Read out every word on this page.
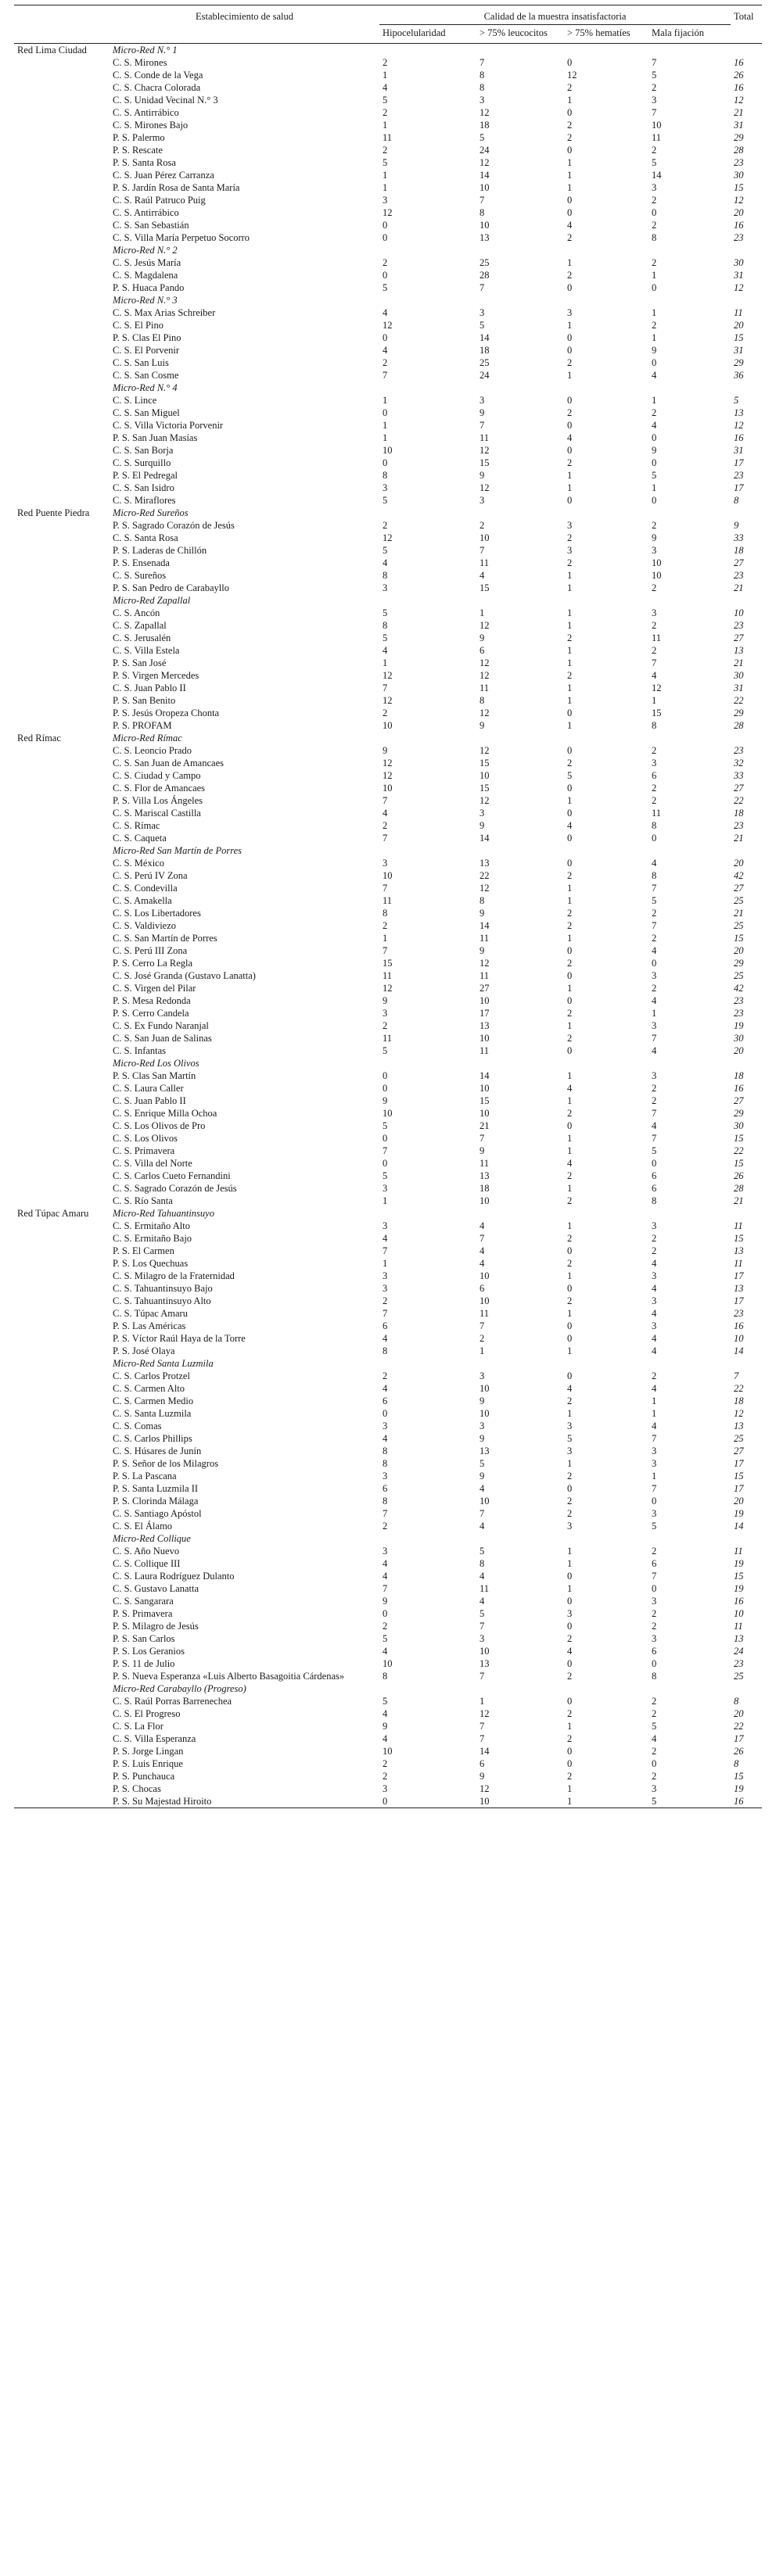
	Establecimiento de salud	Calidad de la muestra insatisfactoria				Total
		Hipocelularidad	> 75% leucocitos	> 75% hematíes	Mala fijación	
Red Lima Ciudad	Micro-Red N.° 1					
	C. S. Mirones	2	7	0	7	16
	C. S. Conde de la Vega	1	8	12	5	26
	C. S. Chacra Colorada	4	8	2	2	16
	C. S. Unidad Vecinal N.° 3	5	3	1	3	12
	C. S. Antirrábico	2	12	0	7	21
	C. S. Mirones Bajo	1	18	2	10	31
	P. S. Palermo	11	5	2	11	29
	P. S. Rescate	2	24	0	2	28
	P. S. Santa Rosa	5	12	1	5	23
	C. S. Juan Pérez Carranza	1	14	1	14	30
	P. S. Jardín Rosa de Santa María	1	10	1	3	15
	C. S. Raúl Patruco Puig	3	7	0	2	12
	C. S. Antirrábico	12	8	0	0	20
	C. S. San Sebastián	0	10	4	2	16
	C. S. Villa María Perpetuo Socorro	0	13	2	8	23
	Micro-Red N.° 2					
	C. S. Jesús María	2	25	1	2	30
	C. S. Magdalena	0	28	2	1	31
	P. S. Huaca Pando	5	7	0	0	12
	Micro-Red N.° 3					
	C. S. Max Arias Schreiber	4	3	3	1	11
	C. S. El Pino	12	5	1	2	20
	P. S. Clas El Pino	0	14	0	1	15
	C. S. El Porvenir	4	18	0	9	31
	C. S. San Luis	2	25	2	0	29
	C. S. San Cosme	7	24	1	4	36
	Micro-Red N.° 4					
	C. S. Lince	1	3	0	1	5
	C. S. San Miguel	0	9	2	2	13
	C. S. Villa Victoria Porvenir	1	7	0	4	12
	P. S. San Juan Masías	1	11	4	0	16
	C. S. San Borja	10	12	0	9	31
	C. S. Surquillo	0	15	2	0	17
	P. S. El Pedregal	8	9	1	5	23
	C. S. San Isidro	3	12	1	1	17
	C. S. Miraflores	5	3	0	0	8
Red Puente Piedra	Micro-Red Sureños					
	P. S. Sagrado Corazón de Jesús	2	2	3	2	9
	C. S. Santa Rosa	12	10	2	9	33
	P. S. Laderas de Chillón	5	7	3	3	18
	P. S. Ensenada	4	11	2	10	27
	C. S. Sureños	8	4	1	10	23
	P. S. San Pedro de Carabayllo	3	15	1	2	21
	Micro-Red Zapallal					
	C. S. Ancón	5	1	1	3	10
	C. S. Zapallal	8	12	1	2	23
	C. S. Jerusalén	5	9	2	11	27
	C. S. Villa Estela	4	6	1	2	13
	P. S. San José	1	12	1	7	21
	P. S. Virgen Mercedes	12	12	2	4	30
	C. S. Juan Pablo II	7	11	1	12	31
	P. S. San Benito	12	8	1	1	22
	P. S. Jesús Oropeza Chonta	2	12	0	15	29
	P. S. PROFAM	10	9	1	8	28
Red Rímac	Micro-Red Rímac					
	C. S. Leoncio Prado	9	12	0	2	23
	C. S. San Juan de Amancaes	12	15	2	3	32
	C. S. Ciudad y Campo	12	10	5	6	33
	C. S. Flor de Amancaes	10	15	0	2	27
	P. S. Villa Los Ángeles	7	12	1	2	22
	C. S. Mariscal Castilla	4	3	0	11	18
	C. S. Rímac	2	9	4	8	23
	C. S. Caqueta	7	14	0	0	21
	Micro-Red San Martín de Porres					
	C. S. México	3	13	0	4	20
	C. S. Perú IV Zona	10	22	2	8	42
	C. S. Condevilla	7	12	1	7	27
	C. S. Amakella	11	8	1	5	25
	C. S. Los Libertadores	8	9	2	2	21
	C. S. Valdiviezo	2	14	2	7	25
	C. S. San Martín de Porres	1	11	1	2	15
	C. S. Perú III Zona	7	9	0	4	20
	P. S. Cerro La Regla	15	12	2	0	29
	C. S. José Granda (Gustavo Lanatta)	11	11	0	3	25
	C. S. Virgen del Pilar	12	27	1	2	42
	P. S. Mesa Redonda	9	10	0	4	23
	P. S. Cerro Candela	3	17	2	1	23
	C. S. Ex Fundo Naranjal	2	13	1	3	19
	C. S. San Juan de Salinas	11	10	2	7	30
	C. S. Infantas	5	11	0	4	20
	Micro-Red Los Olivos					
	P. S. Clas San Martín	0	14	1	3	18
	C. S. Laura Caller	0	10	4	2	16
	C. S. Juan Pablo II	9	15	1	2	27
	C. S. Enrique Milla Ochoa	10	10	2	7	29
	C. S. Los Olivos de Pro	5	21	0	4	30
	C. S. Los Olivos	0	7	1	7	15
	C. S. Primavera	7	9	1	5	22
	C. S. Villa del Norte	0	11	4	0	15
	C. S. Carlos Cueto Fernandini	5	13	2	6	26
	C. S. Sagrado Corazón de Jesús	3	18	1	6	28
	C. S. Río Santa	1	10	2	8	21
Red Túpac Amaru	Micro-Red Tahuantinsuyo					
	C. S. Ermitaño Alto	3	4	1	3	11
	C. S. Ermitaño Bajo	4	7	2	2	15
	P. S. El Carmen	7	4	0	2	13
	P. S. Los Quechuas	1	4	2	4	11
	C. S. Milagro de la Fraternidad	3	10	1	3	17
	C. S. Tahuantinsuyo Bajo	3	6	0	4	13
	C. S. Tahuantinsuyo Alto	2	10	2	3	17
	C. S. Túpac Amaru	7	11	1	4	23
	P. S. Las Américas	6	7	0	3	16
	P. S. Víctor Raúl Haya de la Torre	4	2	0	4	10
	P. S. José Olaya	8	1	1	4	14
	Micro-Red Santa Luzmila					
	C. S. Carlos Protzel	2	3	0	2	7
	C. S. Carmen Alto	4	10	4	4	22
	C. S. Carmen Medio	6	9	2	1	18
	C. S. Santa Luzmila	0	10	1	1	12
	C. S. Comas	3	3	3	4	13
	C. S. Carlos Phillips	4	9	5	7	25
	C. S. Húsares de Junín	8	13	3	3	27
	P. S. Señor de los Milagros	8	5	1	3	17
	P. S. La Pascana	3	9	2	1	15
	P. S. Santa Luzmila II	6	4	0	7	17
	P. S. Clorinda Málaga	8	10	2	0	20
	C. S. Santiago Apóstol	7	7	2	3	19
	C. S. El Álamo	2	4	3	5	14
	Micro-Red Collique					
	C. S. Año Nuevo	3	5	1	2	11
	C. S. Collique III	4	8	1	6	19
	C. S. Laura Rodríguez Dulanto	4	4	0	7	15
	C. S. Gustavo Lanatta	7	11	1	0	19
	C. S. Sangarara	9	4	0	3	16
	P. S. Primavera	0	5	3	2	10
	P. S. Milagro de Jesús	2	7	0	2	11
	P. S. San Carlos	5	3	2	3	13
	P. S. Los Geranios	4	10	4	6	24
	P. S. 11 de Julio	10	13	0	0	23
	P. S. Nueva Esperanza «Luis Alberto Basagoitia Cárdenas»	8	7	2	8	25
	Micro-Red Carabayllo (Progreso)					
	C. S. Raúl Porras Barrenechea	5	1	0	2	8
	C. S. El Progreso	4	12	2	2	20
	C. S. La Flor	9	7	1	5	22
	C. S. Villa Esperanza	4	7	2	4	17
	P. S. Jorge Lingan	10	14	0	2	26
	P. S. Luis Enrique	2	6	0	0	8
	P. S. Punchauca	2	9	2	2	15
	P. S. Chocas	3	12	1	3	19
	P. S. Su Majestad Hiroito	0	10	1	5	16
